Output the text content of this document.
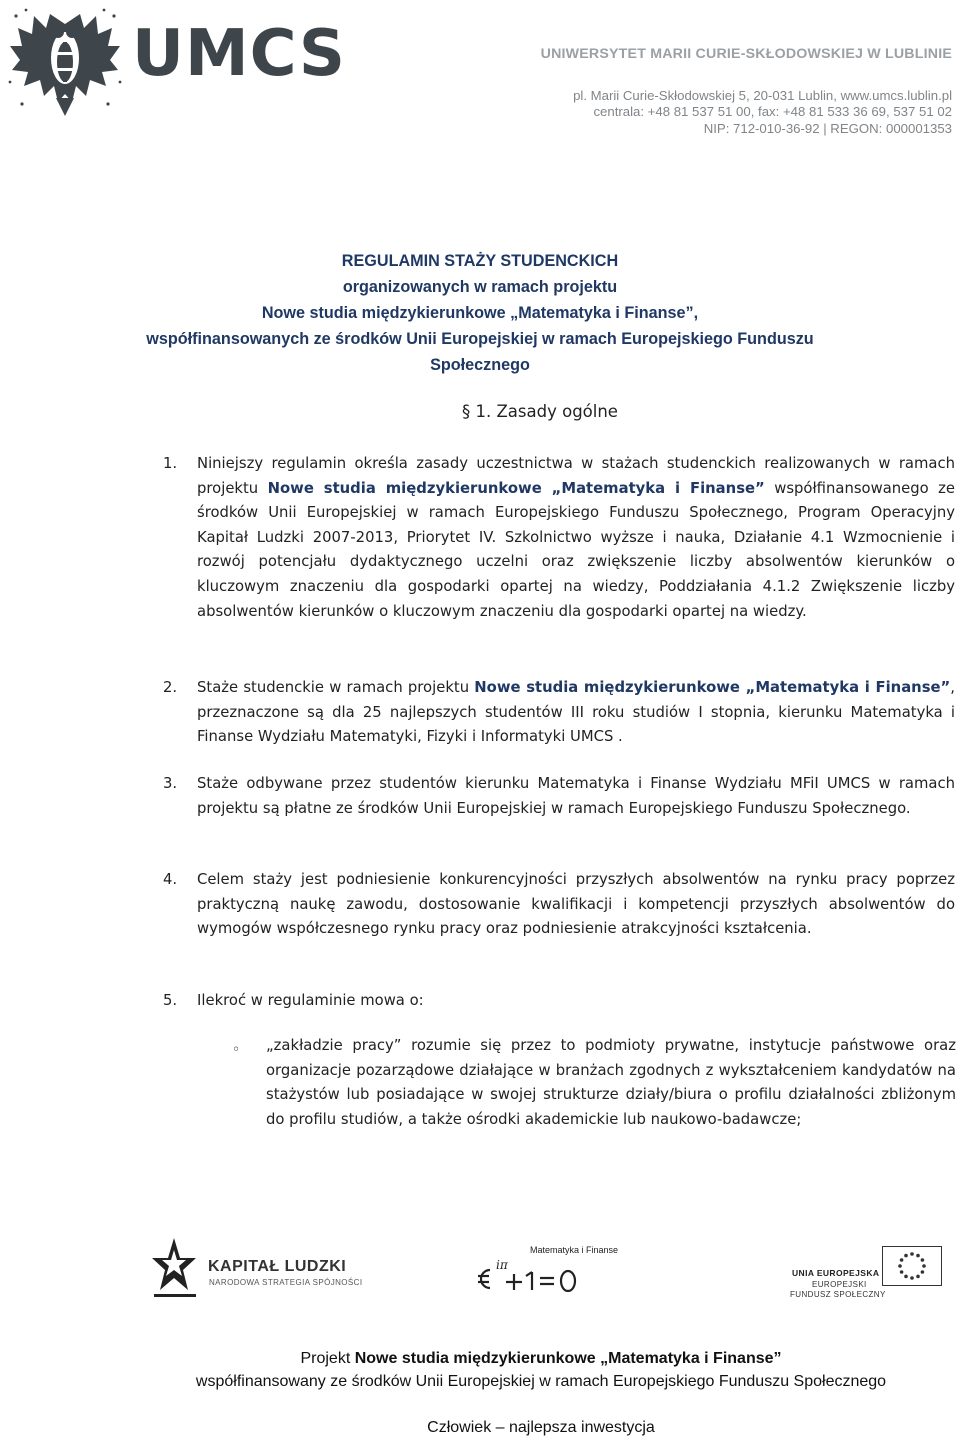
UMCS	UNIWERSYTET MARII CURIE-SKŁODOWSKIEJ W LUBLINIE
pl. Marii Curie-Skłodowskiej 5, 20-031 Lublin, www.umcs.lublin.pl
centrala: +48 81 537 51 00, fax: +48 81 533 36 69, 537 51 02
NIP: 712-010-36-92 | REGON: 000001353
REGULAMIN STAŻY STUDENCKICH
organizowanych w ramach projektu
Nowe studia międzykierunkowe „Matematyka i Finanse”,
współfinansowanych ze środków Unii Europejskiej w ramach Europejskiego Funduszu
Społecznego
§ 1. Zasady ogólne
1. Niniejszy regulamin określa zasady uczestnictwa w stażach studenckich realizowanych w ramach projektu Nowe studia międzykierunkowe „Matematyka i Finanse” współfinansowanego ze środków Unii Europejskiej w ramach Europejskiego Funduszu Społecznego, Program Operacyjny Kapitał Ludzki 2007-2013, Priorytet IV. Szkolnictwo wyższe i nauka, Działanie 4.1 Wzmocnienie i rozwój potencjału dydaktycznego uczelni oraz zwiększenie liczby absolwentów kierunków o kluczowym znaczeniu dla gospodarki opartej na wiedzy, Poddziałania 4.1.2 Zwiększenie liczby absolwentów kierunków o kluczowym znaczeniu dla gospodarki opartej na wiedzy.
2. Staże studenckie w ramach projektu Nowe studia międzykierunkowe „Matematyka i Finanse”, przeznaczone są dla 25 najlepszych studentów III roku studiów I stopnia, kierunku Matematyka i Finanse Wydziału Matematyki, Fizyki i Informatyki UMCS .
3. Staże odbywane przez studentów kierunku Matematyka i Finanse Wydziału MFiI UMCS w ramach projektu są płatne ze środków Unii Europejskiej w ramach Europejskiego Funduszu Społecznego.
4. Celem staży jest podniesienie konkurencyjności przyszłych absolwentów na rynku pracy poprzez praktyczną naukę zawodu, dostosowanie kwalifikacji i kompetencji przyszłych absolwentów do wymogów współczesnego rynku pracy oraz podniesienie atrakcyjności kształcenia.
5. Ilekroć w regulaminie mowa o:
◦ „zakładzie pracy” rozumie się przez to podmioty prywatne, instytucje państwowe oraz organizacje pozarządowe działające w branżach zgodnych z wykształceniem kandydatów na stażystów lub posiadające w swojej strukturze działy/biura o profilu działalności zbliżonym do profilu studiów, a także ośrodki akademickie lub naukowo-badawcze;
KAPITAŁ LUDZKI
NARODOWA STRATEGIA SPÓJNOŚCI
Matematyka i Finanse
iπ
UNIA EUROPEJSKA
EUROPEJSKI
FUNDUSZ SPOŁECZNY
Projekt Nowe studia międzykierunkowe „Matematyka i Finanse”
współfinansowany ze środków Unii Europejskiej w ramach Europejskiego Funduszu Społecznego
Człowiek – najlepsza inwestycja
